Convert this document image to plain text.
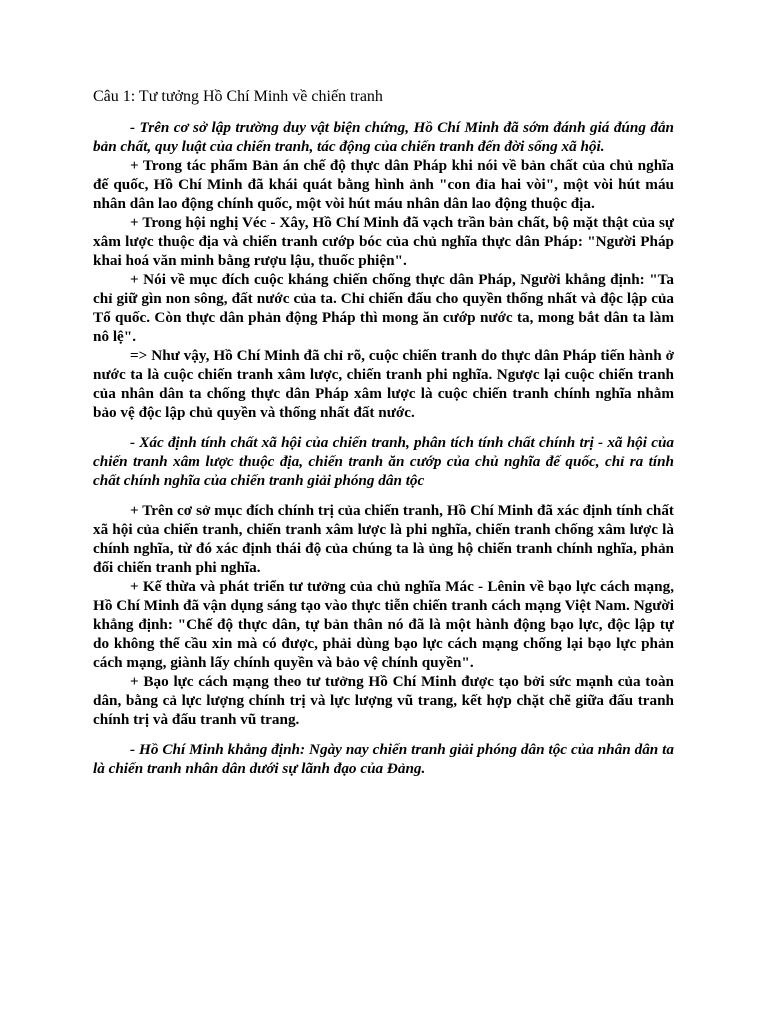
Câu 1: Tư tưởng Hồ Chí Minh về chiến tranh

- Trên cơ sở lập trường duy vật biện chứng, Hồ Chí Minh đã sớm đánh giá đúng đắn bản chất, quy luật của chiến tranh, tác động của chiến tranh đến đời sống xã hội.

+ Trong tác phẩm Bản án chế độ thực dân Pháp khi nói về bản chất của chủ nghĩa đế quốc, Hồ Chí Minh đã khái quát bằng hình ảnh "con đỉa hai vòi", một vòi hút máu nhân dân lao động chính quốc, một vòi hút máu nhân dân lao động thuộc địa.

+ Trong hội nghị Véc - Xây, Hồ Chí Minh đã vạch trần bản chất, bộ mặt thật của sự xâm lược thuộc địa và chiến tranh cướp bóc của chủ nghĩa thực dân Pháp: "Người Pháp khai hoá văn minh bằng rượu lậu, thuốc phiện".

+ Nói về mục đích cuộc kháng chiến chống thực dân Pháp, Người khẳng định: "Ta chỉ giữ gìn non sông, đất nước của ta. Chỉ chiến đấu cho quyền thống nhất và độc lập của Tổ quốc. Còn thực dân phản động Pháp thì mong ăn cướp nước ta, mong bắt dân ta làm nô lệ".

=> Như vậy, Hồ Chí Minh đã chỉ rõ, cuộc chiến tranh do thực dân Pháp tiến hành ở nước ta là cuộc chiến tranh xâm lược, chiến tranh phi nghĩa. Ngược lại cuộc chiến tranh của nhân dân ta chống thực dân Pháp xâm lược là cuộc chiến tranh chính nghĩa nhằm bảo vệ độc lập chủ quyền và thống nhất đất nước.

- Xác định tính chất xã hội của chiến tranh, phân tích tính chất chính trị - xã hội của chiến tranh xâm lược thuộc địa, chiến tranh ăn cướp của chủ nghĩa đế quốc, chỉ ra tính chất chính nghĩa của chiến tranh giải phóng dân tộc

+ Trên cơ sở mục đích chính trị của chiến tranh, Hồ Chí Minh đã xác định tính chất xã hội của chiến tranh, chiến tranh xâm lược là phi nghĩa, chiến tranh chống xâm lược là chính nghĩa, từ đó xác định thái độ của chúng ta là ủng hộ chiến tranh chính nghĩa, phản đối chiến tranh phi nghĩa.

+ Kế thừa và phát triển tư tưởng của chủ nghĩa Mác - Lênin về bạo lực cách mạng, Hồ Chí Minh đã vận dụng sáng tạo vào thực tiễn chiến tranh cách mạng Việt Nam. Người khẳng định: "Chế độ thực dân, tự bản thân nó đã là một hành động bạo lực, độc lập tự do không thể cầu xin mà có được, phải dùng bạo lực cách mạng chống lại bạo lực phản cách mạng, giành lấy chính quyền và bảo vệ chính quyền".

+ Bạo lực cách mạng theo tư tưởng Hồ Chí Minh được tạo bởi sức mạnh của toàn dân, bằng cả lực lượng chính trị và lực lượng vũ trang, kết hợp chặt chẽ giữa đấu tranh chính trị và đấu tranh vũ trang.

- Hồ Chí Minh khẳng định: Ngày nay chiến tranh giải phóng dân tộc của nhân dân ta là chiến tranh nhân dân dưới sự lãnh đạo của Đảng.
